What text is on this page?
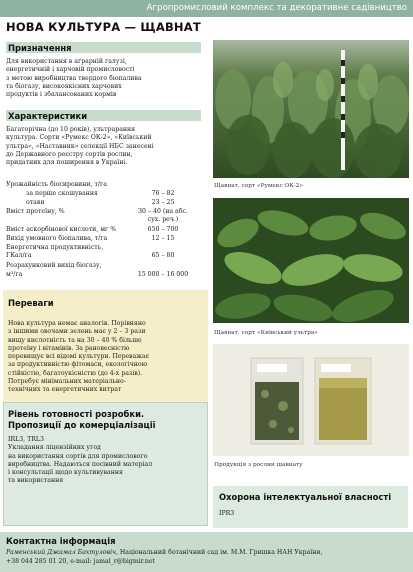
Агропромисловий комплекс та декоративне садівництво
НОВА КУЛЬТУРА — ЩАВНАТ
Призначення
Для використання в аграрній галузі,
енергетичній і харчовій промисловості
з метою виробництва твердого біопалива
та біогазу, високоякісних харчових
продуктів і збалансованих кормів
Характеристики
Багаторічна (до 10 років), ультрарання
культура. Сорти «Румекс ОК-2», «Київський
ультра», «Наставник» селекції НБС занесені
до Державного реєстру сортів рослин,
придатних для поширення в Україні.
Урожайність біосировини, т/га
за перше скошування	76 – 82
отави	23 – 25
Вміст протеїну, %	30 – 40 (на абс.
сух. реч.)
Вміст аскорбінової кислоти, мг %	650 – 700
Вихід умовного біопалива, т/га	12 – 15
Енергетична продуктивність,
ГКал/га	65 – 80
Розрахунковий вихід біогазу,
м³/га	15 000 – 16 000
Переваги
Нова культура немає аналогів. Порівняно
з іншими овочами зелень має у 2 – 3 рази
вищу кислотність та на 30 – 40 % більше
протеїну і вітамінів. За рановесністю
перевищує всі відомі культури. Переважає
за продуктивністю фітомаси, екологічною
стійкістю, багатоукісністю (до 4-х разів).
Потребує мінімальних матеріально-
технічних та енергетичних витрат
Рівень готовності розробки.
Пропозиції до комерціалізації
IRL3, TRL3
Укладання ліцензійних угод
на використання сортів для промислового
виробництва. Надаються посівний матеріал
і консультації щодо культивування
та використання
Щавнат, сорт «Румекс ОК-2»
Щавнат, сорт «Київський ультра»
Продукція з рослин щавнату
Охорона інтелектуальної власності
IPR3
Контактна інформація
Раменський Джамал Бахтуловіч, Національний ботанічний сад ім. М.М. Гришка НАН України,
+38 044 285 01 20, e-mail: jamal_r@bigmir.net
